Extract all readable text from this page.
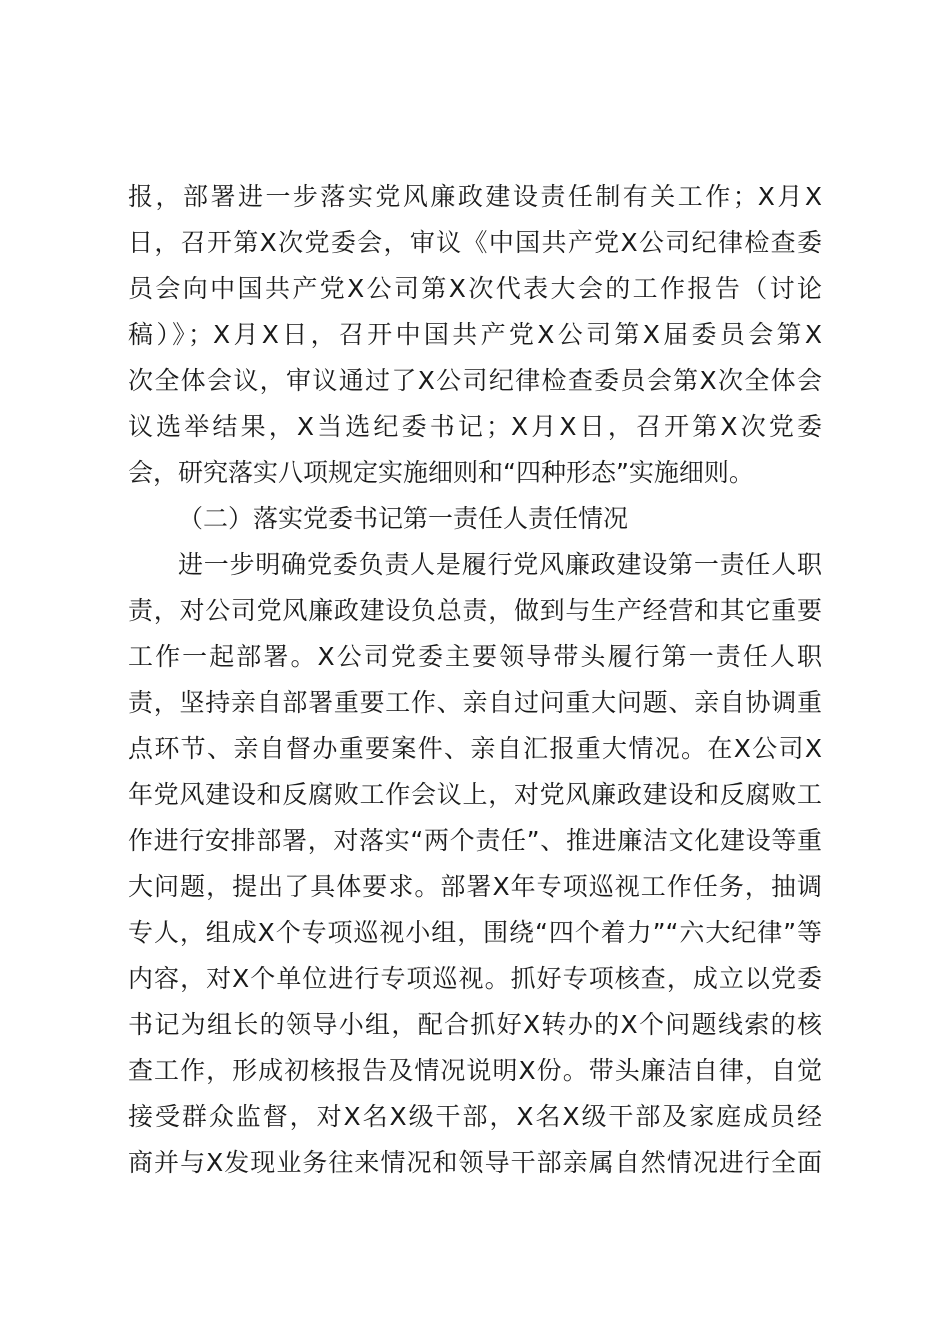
报，部署进一步落实党风廉政建设责任制有关工作；X月X
日，召开第X次党委会，审议《中国共产党X公司纪律检查委
员会向中国共产党X公司第X次代表大会的工作报告（讨论
稿）》；X月X日，召开中国共产党X公司第X届委员会第X
次全体会议，审议通过了X公司纪律检查委员会第X次全体会
议选举结果，X当选纪委书记；X月X日，召开第X次党委
会，研究落实八项规定实施细则和“四种形态”实施细则。
（二）落实党委书记第一责任人责任情况
进一步明确党委负责人是履行党风廉政建设第一责任人职
责，对公司党风廉政建设负总责，做到与生产经营和其它重要
工作一起部署。X公司党委主要领导带头履行第一责任人职
责，坚持亲自部署重要工作、亲自过问重大问题、亲自协调重
点环节、亲自督办重要案件、亲自汇报重大情况。在X公司X
年党风建设和反腐败工作会议上，对党风廉政建设和反腐败工
作进行安排部署，对落实“两个责任”、推进廉洁文化建设等重
大问题，提出了具体要求。部署X年专项巡视工作任务，抽调
专人，组成X个专项巡视小组，围绕“四个着力”“六大纪律”等
内容，对X个单位进行专项巡视。抓好专项核查，成立以党委
书记为组长的领导小组，配合抓好X转办的X个问题线索的核
查工作，形成初核报告及情况说明X份。带头廉洁自律，自觉
接受群众监督，对X名X级干部，X名X级干部及家庭成员经
商并与X发现业务往来情况和领导干部亲属自然情况进行全面
